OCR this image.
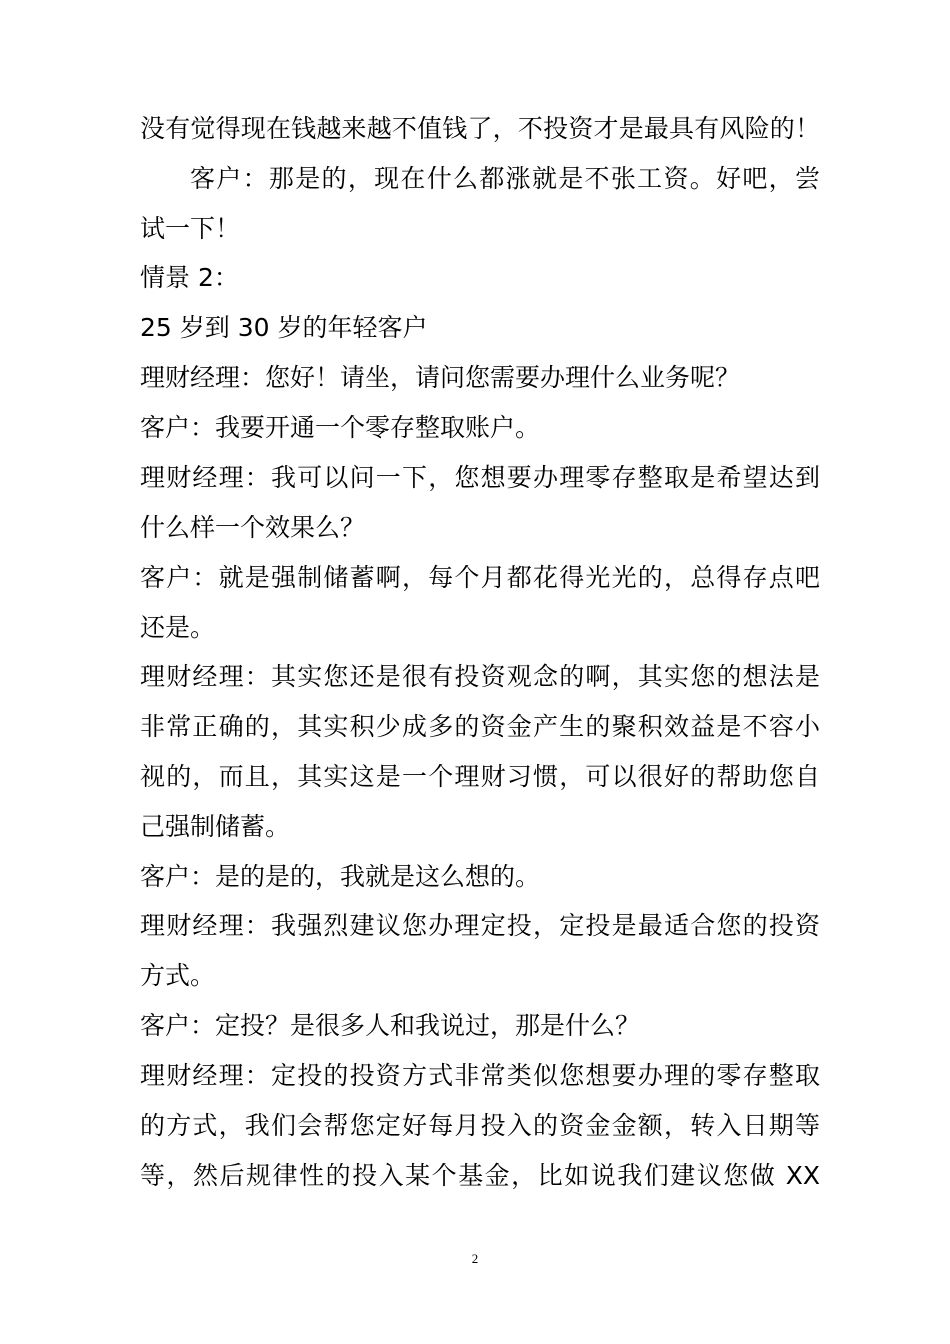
没有觉得现在钱越来越不值钱了，不投资才是最具有风险的！
客户：那是的，现在什么都涨就是不张工资。好吧，尝
试一下！
情景 2：
25 岁到 30 岁的年轻客户
理财经理：您好！请坐，请问您需要办理什么业务呢？
客户：我要开通一个零存整取账户。
理财经理：我可以问一下，您想要办理零存整取是希望达到
什么样一个效果么？
客户：就是强制储蓄啊，每个月都花得光光的，总得存点吧
还是。
理财经理：其实您还是很有投资观念的啊，其实您的想法是
非常正确的，其实积少成多的资金产生的聚积效益是不容小
视的，而且，其实这是一个理财习惯，可以很好的帮助您自
己强制储蓄。
客户：是的是的，我就是这么想的。
理财经理：我强烈建议您办理定投，定投是最适合您的投资
方式。
客户：定投？是很多人和我说过，那是什么？
理财经理：定投的投资方式非常类似您想要办理的零存整取
的方式，我们会帮您定好每月投入的资金金额，转入日期等
等，然后规律性的投入某个基金，比如说我们建议您做 XX
2
